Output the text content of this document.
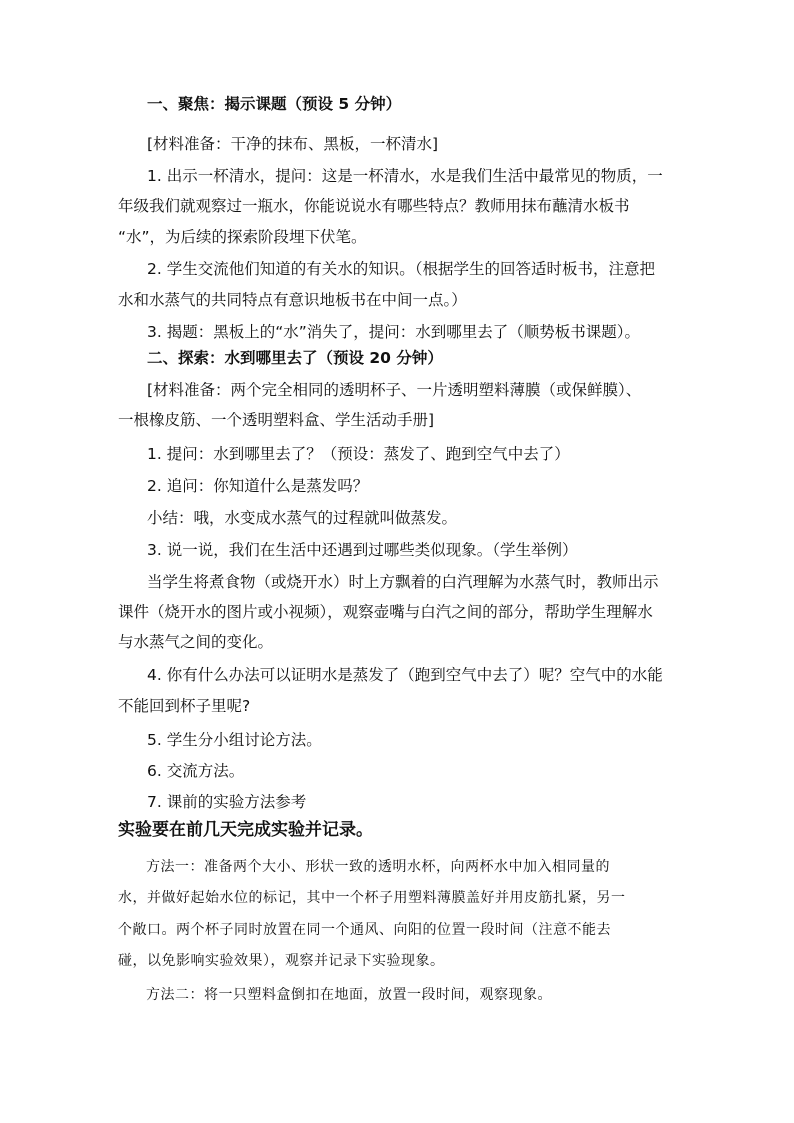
一、聚焦：揭示课题（预设 5 分钟）
[材料准备：干净的抹布、黑板，一杯清水]
1. 出示一杯清水，提问：这是一杯清水，水是我们生活中最常见的物质，一
年级我们就观察过一瓶水，你能说说水有哪些特点？教师用抹布蘸清水板书
“水”，为后续的探索阶段埋下伏笔。
2. 学生交流他们知道的有关水的知识。（根据学生的回答适时板书，注意把
水和水蒸气的共同特点有意识地板书在中间一点。）
3. 揭题：黑板上的“水”消失了，提问：水到哪里去了（顺势板书课题）。
二、探索：水到哪里去了（预设 20 分钟）
[材料准备：两个完全相同的透明杯子、一片透明塑料薄膜（或保鲜膜）、
一根橡皮筋、一个透明塑料盒、学生活动手册]
1. 提问：水到哪里去了？（预设：蒸发了、跑到空气中去了）
2. 追问：你知道什么是蒸发吗？
小结：哦，水变成水蒸气的过程就叫做蒸发。
3. 说一说，我们在生活中还遇到过哪些类似现象。（学生举例）
当学生将煮食物（或烧开水）时上方飘着的白汽理解为水蒸气时，教师出示
课件（烧开水的图片或小视频），观察壶嘴与白汽之间的部分，帮助学生理解水
与水蒸气之间的变化。
4. 你有什么办法可以证明水是蒸发了（跑到空气中去了）呢？空气中的水能
不能回到杯子里呢?
5. 学生分小组讨论方法。
6. 交流方法。
7. 课前的实验方法参考
实验要在前几天完成实验并记录。
方法一：准备两个大小、形状一致的透明水杯，向两杯水中加入相同量的
水，并做好起始水位的标记，其中一个杯子用塑料薄膜盖好并用皮筋扎紧，另一
个敞口。两个杯子同时放置在同一个通风、向阳的位置一段时间（注意不能去
碰，以免影响实验效果），观察并记录下实验现象。
方法二：将一只塑料盒倒扣在地面，放置一段时间，观察现象。
